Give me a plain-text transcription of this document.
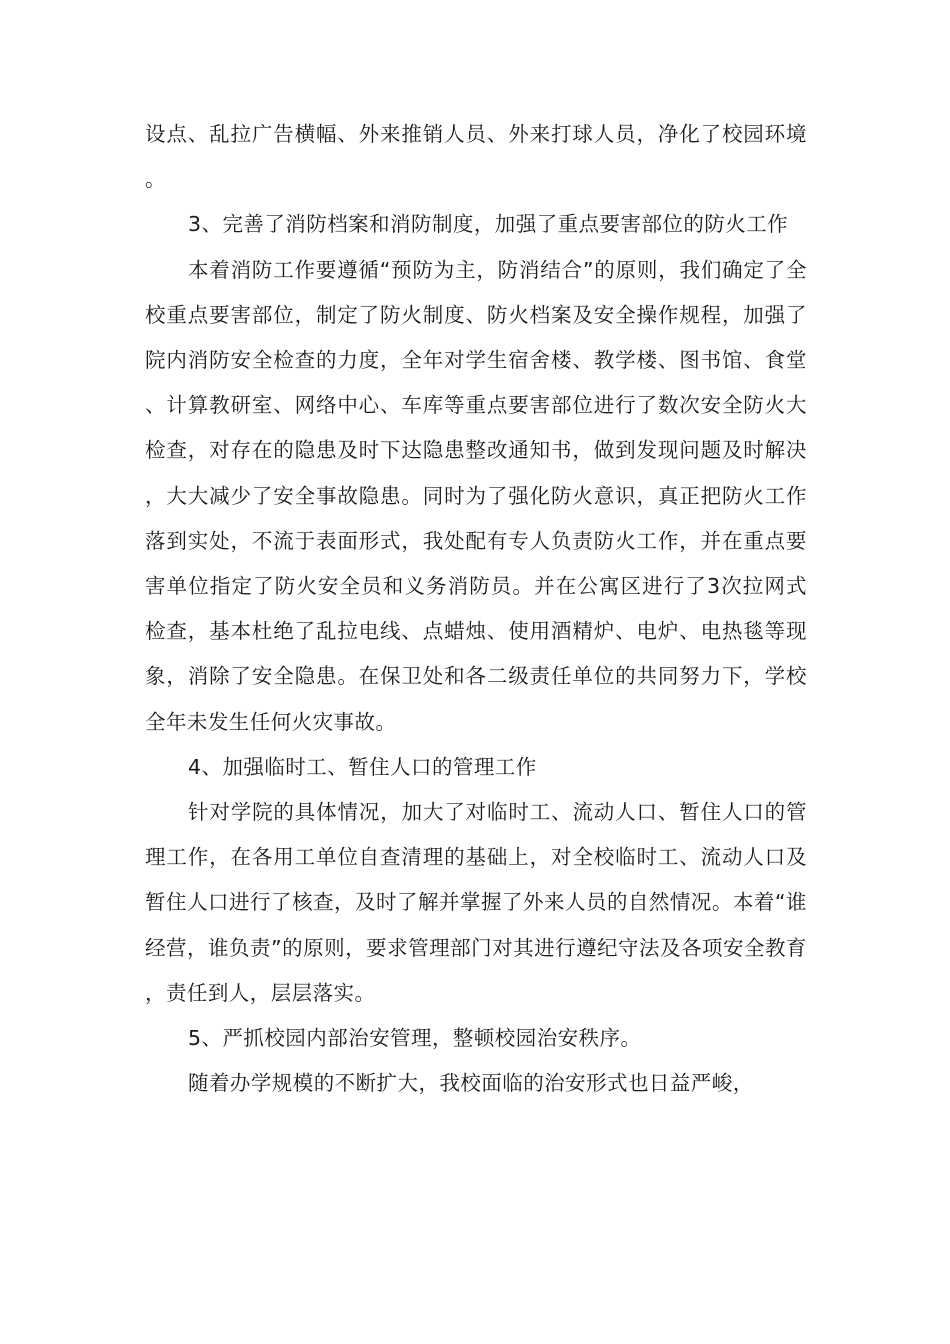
设点、乱拉广告横幅、外来推销人员、外来打球人员，净化了校园环境。

3、完善了消防档案和消防制度，加强了重点要害部位的防火工作

本着消防工作要遵循“预防为主，防消结合”的原则，我们确定了全校重点要害部位，制定了防火制度、防火档案及安全操作规程，加强了院内消防安全检查的力度，全年对学生宿舍楼、教学楼、图书馆、食堂、计算教研室、网络中心、车库等重点要害部位进行了数次安全防火大检查，对存在的隐患及时下达隐患整改通知书，做到发现问题及时解决，大大减少了安全事故隐患。同时为了强化防火意识，真正把防火工作落到实处，不流于表面形式，我处配有专人负责防火工作，并在重点要害单位指定了防火安全员和义务消防员。并在公寓区进行了3次拉网式检查，基本杜绝了乱拉电线、点蜡烛、使用酒精炉、电炉、电热毯等现象，消除了安全隐患。在保卫处和各二级责任单位的共同努力下，学校全年未发生任何火灾事故。

4、加强临时工、暂住人口的管理工作

针对学院的具体情况，加大了对临时工、流动人口、暂住人口的管理工作，在各用工单位自查清理的基础上，对全校临时工、流动人口及暂住人口进行了核查，及时了解并掌握了外来人员的自然情况。本着“谁经营，谁负责”的原则，要求管理部门对其进行遵纪守法及各项安全教育，责任到人，层层落实。

5、严抓校园内部治安管理，整顿校园治安秩序。

随着办学规模的不断扩大，我校面临的治安形式也日益严峻，
